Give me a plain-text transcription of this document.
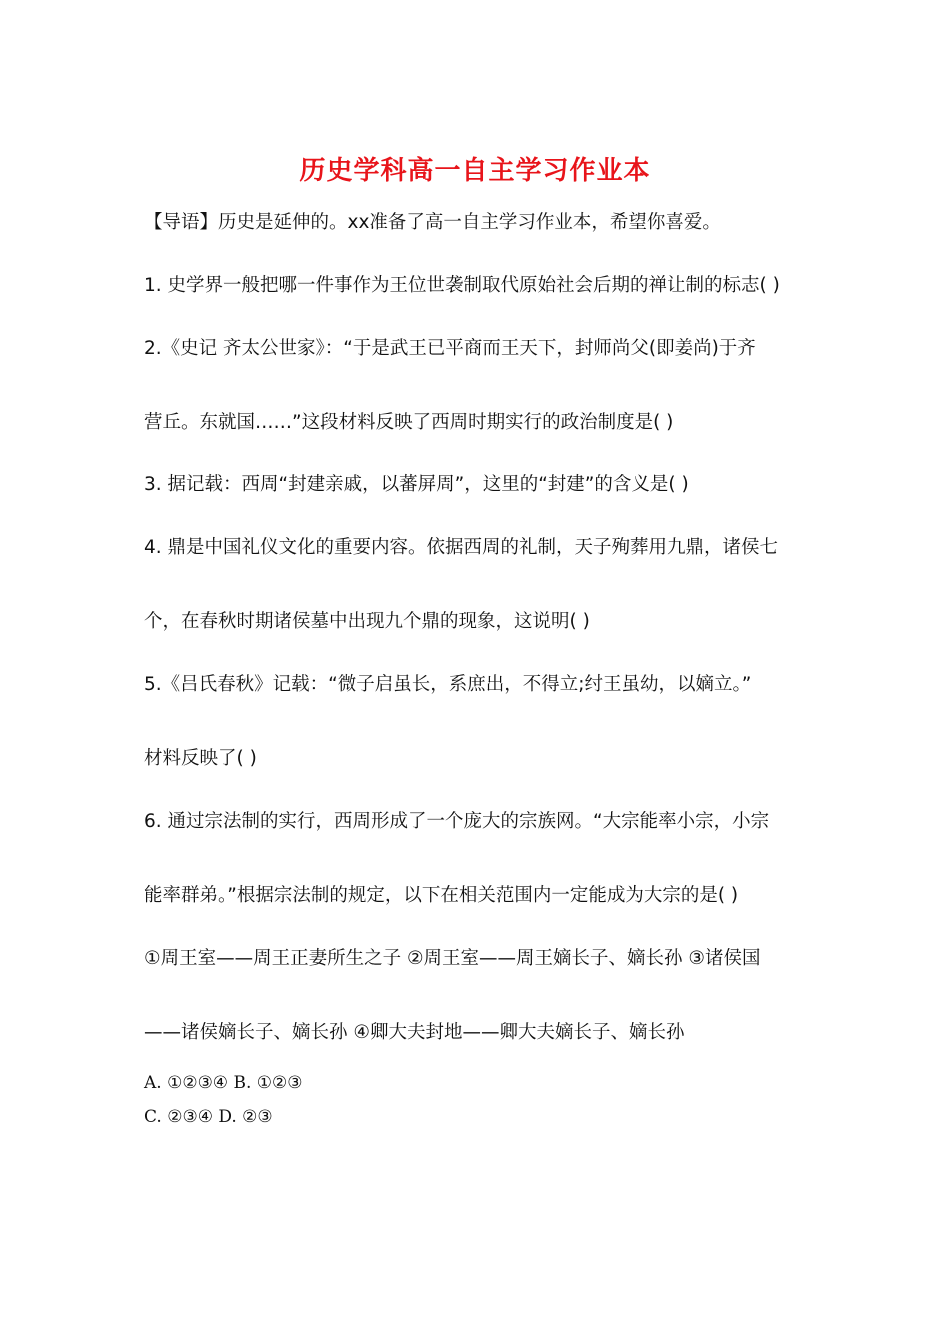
历史学科高一自主学习作业本
【导语】历史是延伸的。xx准备了高一自主学习作业本，希望你喜爱。
1. 史学界一般把哪一件事作为王位世袭制取代原始社会后期的禅让制的标志( )
2.《史记 齐太公世家》：“于是武王已平商而王天下，封师尚父(即姜尚)于齐
营丘。东就国……”这段材料反映了西周时期实行的政治制度是( )
3. 据记载：西周“封建亲戚，以蕃屏周”，这里的“封建”的含义是( )
4. 鼎是中国礼仪文化的重要内容。依据西周的礼制，天子殉葬用九鼎，诸侯七
个，在春秋时期诸侯墓中出现九个鼎的现象，这说明( )
5.《吕氏春秋》记载：“微子启虽长，系庶出，不得立;纣王虽幼，以嫡立。”
材料反映了( )
6. 通过宗法制的实行，西周形成了一个庞大的宗族网。“大宗能率小宗，小宗
能率群弟。”根据宗法制的规定，以下在相关范围内一定能成为大宗的是( )
①周王室——周王正妻所生之子 ②周王室——周王嫡长子、嫡长孙 ③诸侯国
——诸侯嫡长子、嫡长孙 ④卿大夫封地——卿大夫嫡长子、嫡长孙
A. ①②③④ B. ①②③
C. ②③④ D. ②③
